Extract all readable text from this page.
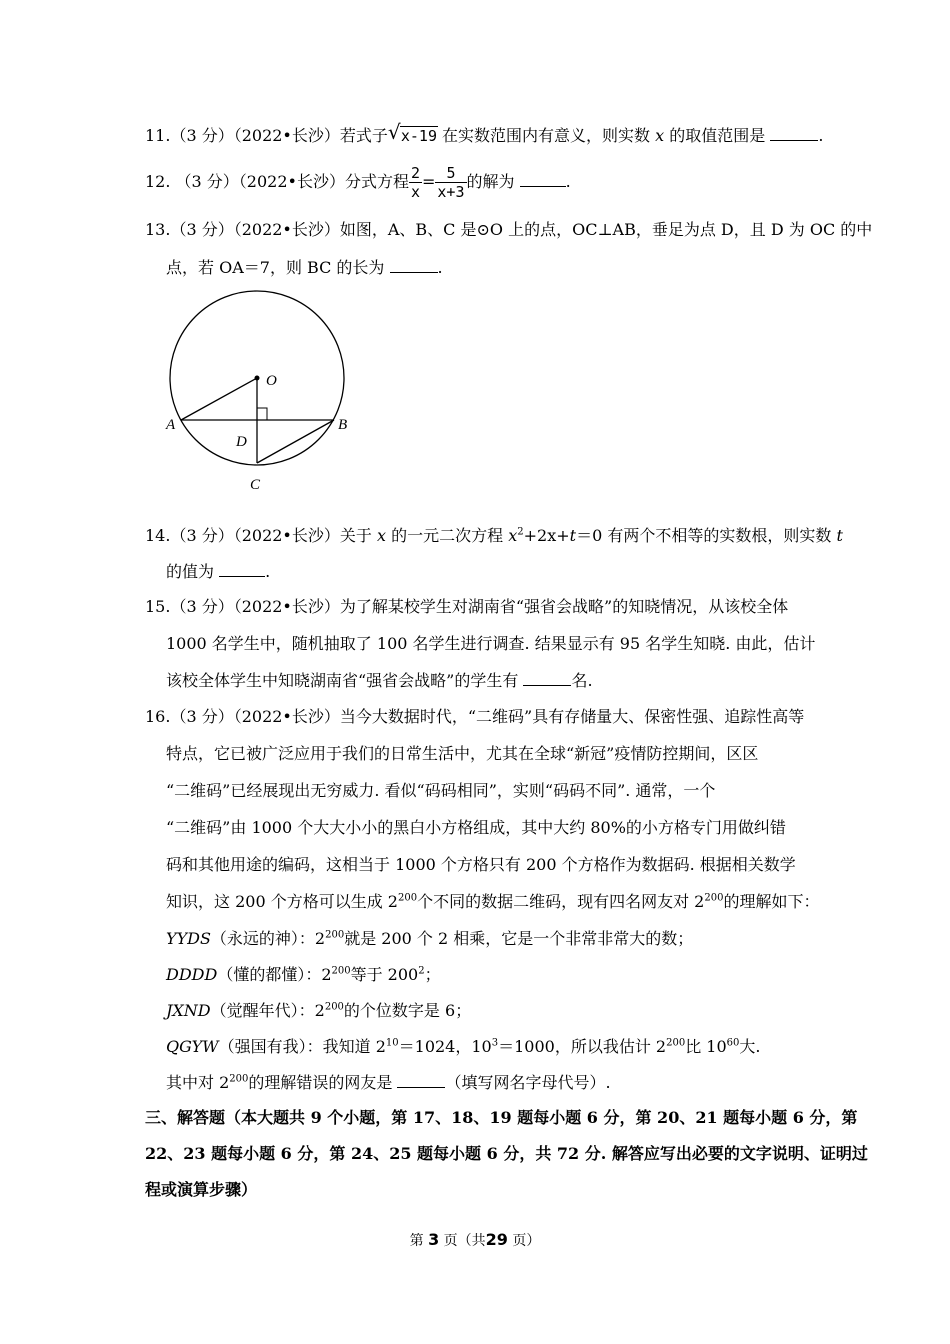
11.（3 分）（2022•长沙）若式子 √ x-19 在实数范围内有意义，则实数 x 的取值范围是	.
12. （3 分）（2022•长沙）分式方程 $\frac{2}{x} = \frac{5}{x+3}$ 的解为	.
13.（3 分）（2022•长沙）如图，A、B、C 是⊙O 上的点，OC⊥AB，垂足为点 D，且 D 为 OC 的中
点，若 OA＝7，则 BC 的长为	.
O
A	B
C
D
14.（3 分）（2022•长沙）关于 x 的一元二次方程 $x^2+2x+t=0$ 有两个不相等的实数根，则实数 t
的值为	.
15.（3 分）（2022•长沙）为了解某校学生对湖南省“强省会战略”的知晓情况，从该校全体
1000 名学生中，随机抽取了 100 名学生进行调查. 结果显示有 95 名学生知晓. 由此，估计
该校全体学生中知晓湖南省“强省会战略”的学生有	名.
16.（3 分）（2022•长沙）当今大数据时代，“二维码”具有存储量大、保密性强、追踪性高等
特点，它已被广泛应用于我们的日常生活中，尤其在全球“新冠”疫情防控期间，区区
“二维码”已经展现出无穷威力. 看似“码码相同”，实则“码码不同”. 通常，一个
“二维码”由 1000 个大大小小的黑白小方格组成，其中大约 80%的小方格专门用做纠错
码和其他用途的编码，这相当于 1000 个方格只有 200 个方格作为数据码. 根据相关数学
知识，这 200 个方格可以生成 $2^{200}$个不同的数据二维码，现有四名网友对 $2^{200}$的理解如下：
YYDS（永远的神）：$2^{200}$就是 200 个 2 相乘，它是一个非常非常大的数；
DDDD（懂的都懂）：$2^{200}$等于 $200^2$；
JXND（觉醒年代）：$2^{200}$的个位数字是 6；
QGYW（强国有我）：我知道 $2^{10}=1024$，$10^3=1000$，所以我估计 $2^{200}$比 $10^{60}$大.
其中对 $2^{200}$的理解错误的网友是	（填写网名字母代号）.
三、解答题（本大题共 9 个小题，第 17、18、19 题每小题 6 分，第 20、21 题每小题 6 分，第
22、23 题每小题 6 分，第 24、25 题每小题 6 分，共 72 分. 解答应写出必要的文字说明、证明过
程或演算步骤）
第 3 页（共29 页）
